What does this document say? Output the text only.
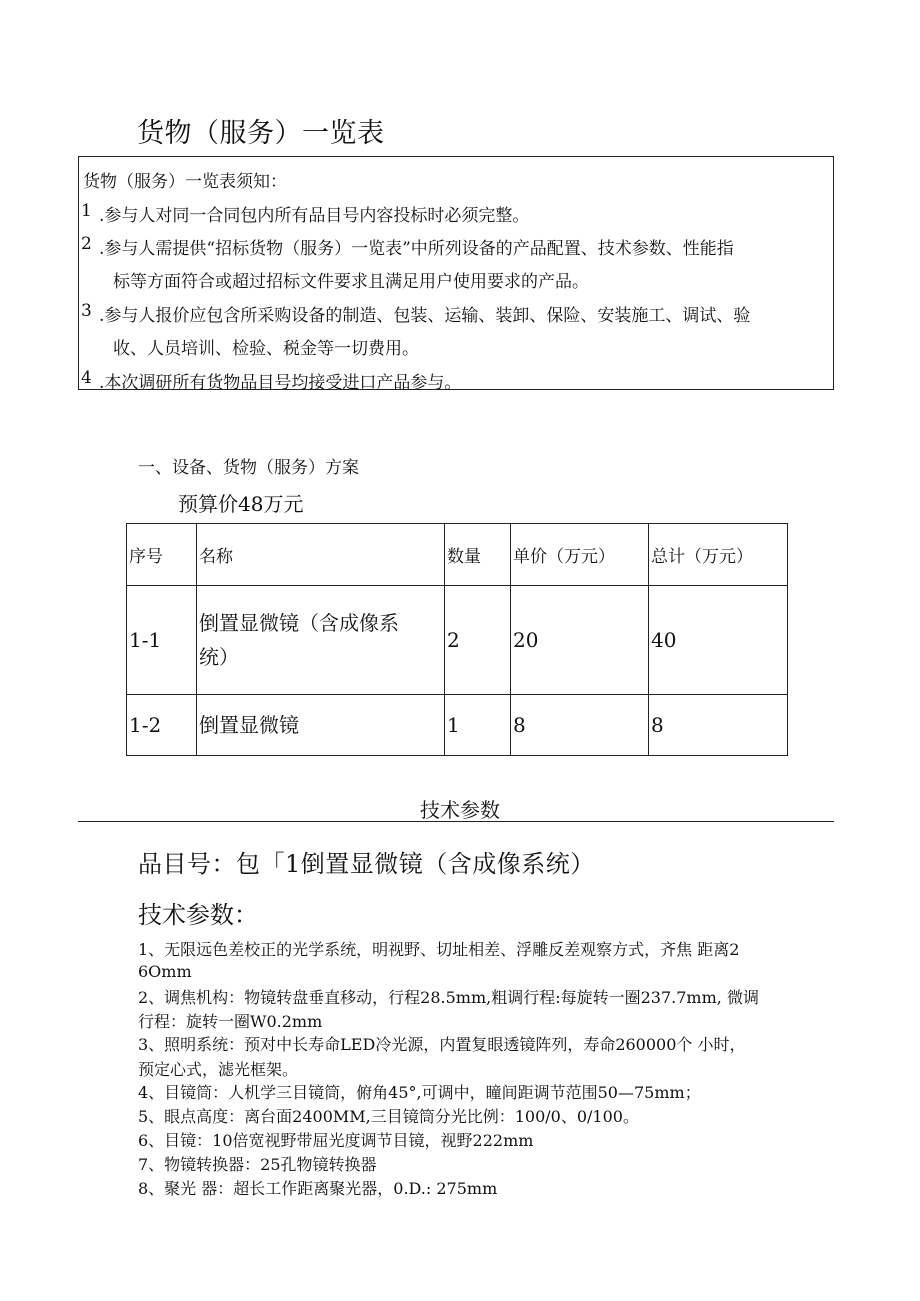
货物（服务）一览表
货物（服务）一览表须知：
1 .参与人对同一合同包内所有品目号内容投标时必须完整。
2 .参与人需提供“招标货物（服务）一览表”中所列设备的产品配置、技术参数、性能指
标等方面符合或超过招标文件要求且满足用户使用要求的产品。
3 .参与人报价应包含所采购设备的制造、包装、运输、装卸、保险、安装施工、调试、验
收、人员培训、检验、税金等一切费用。
4 .本次调研所有货物品目号均接受进口产品参与。
一、设备、货物（服务）方案
预算价48万元
序号	名称	数量	单价（万元）	总计（万元）
1-1	倒置显微镜（含成像系
统）	2	20	40
1-2	倒置显微镜	1	8	8
技术参数
品目号：包「1倒置显微镜（含成像系统）
技术参数：
1、无限远色差校正的光学系统，明视野、切址相差、浮雕反差观察方式，齐焦 距离2
6Omm
2、调焦机构：物镜转盘垂直移动，行程28.5mm,粗调行程:每旋转一圈237.7mm, 微调
行程：旋转一圈W0.2mm
3、照明系统：预对中长寿命LED冷光源，内置复眼透镜阵列，寿命260000个 小时，
预定心式，滤光框架。
4、目镜筒：人机学三目镜筒，俯角45°,可调中，瞳间距调节范围50—75mm；
5、眼点高度：离台面2400MM,三目镜筒分光比例：100/0、0/100。
6、目镜：10倍宽视野带屈光度调节目镜，视野222mm
7、物镜转换器：25孔物镜转换器
8、聚光 器：超长工作距离聚光器，0.D.: 275mm
